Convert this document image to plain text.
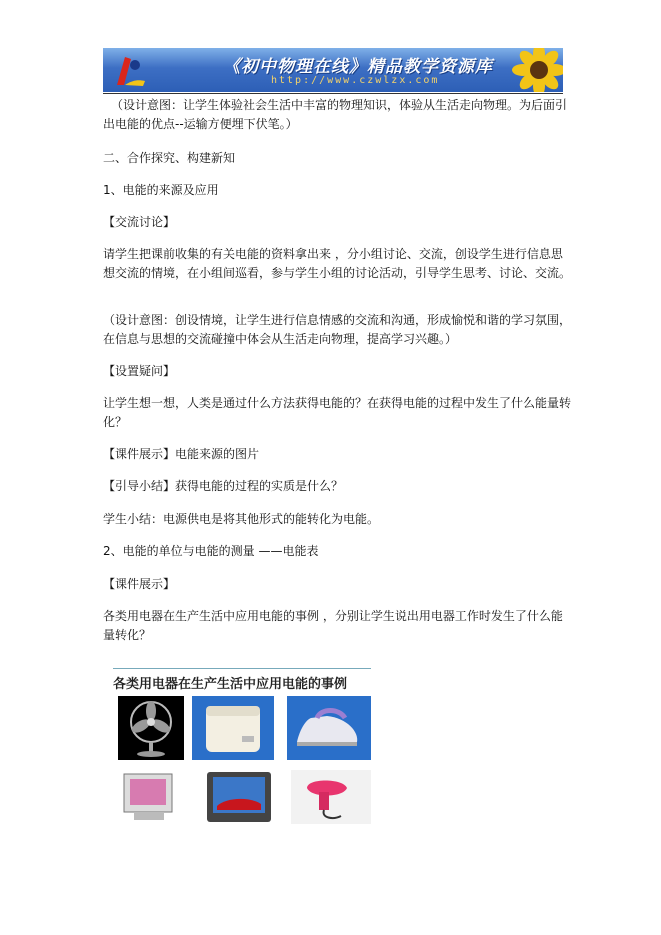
《初中物理在线》精品教学资源库
http://www.czwlzx.com

（设计意图：让学生体验社会生活中丰富的物理知识，体验从生活走向物理。为后面引出电能的优点--运输方便埋下伏笔。）

二、合作探究、构建新知

1、电能的来源及应用

【交流讨论】

请学生把课前收集的有关电能的资料拿出来 ，分小组讨论、交流，创设学生进行信息思想交流的情境，在小组间巡看，参与学生小组的讨论活动，引导学生思考、讨论、交流。

（设计意图：创设情境，让学生进行信息情感的交流和沟通，形成愉悦和谐的学习氛围，在信息与思想的交流碰撞中体会从生活走向物理，提高学习兴趣。）

【设置疑问】

让学生想一想，人类是通过什么方法获得电能的？在获得电能的过程中发生了什么能量转化？

【课件展示】电能来源的图片

【引导小结】获得电能的过程的实质是什么？

学生小结：电源供电是将其他形式的能转化为电能。

2、电能的单位与电能的测量 ——电能表

【课件展示】

各类用电器在生产生活中应用电能的事例 ，分别让学生说出用电器工作时发生了什么能量转化？

各类用电器在生产生活中应用电能的事例
